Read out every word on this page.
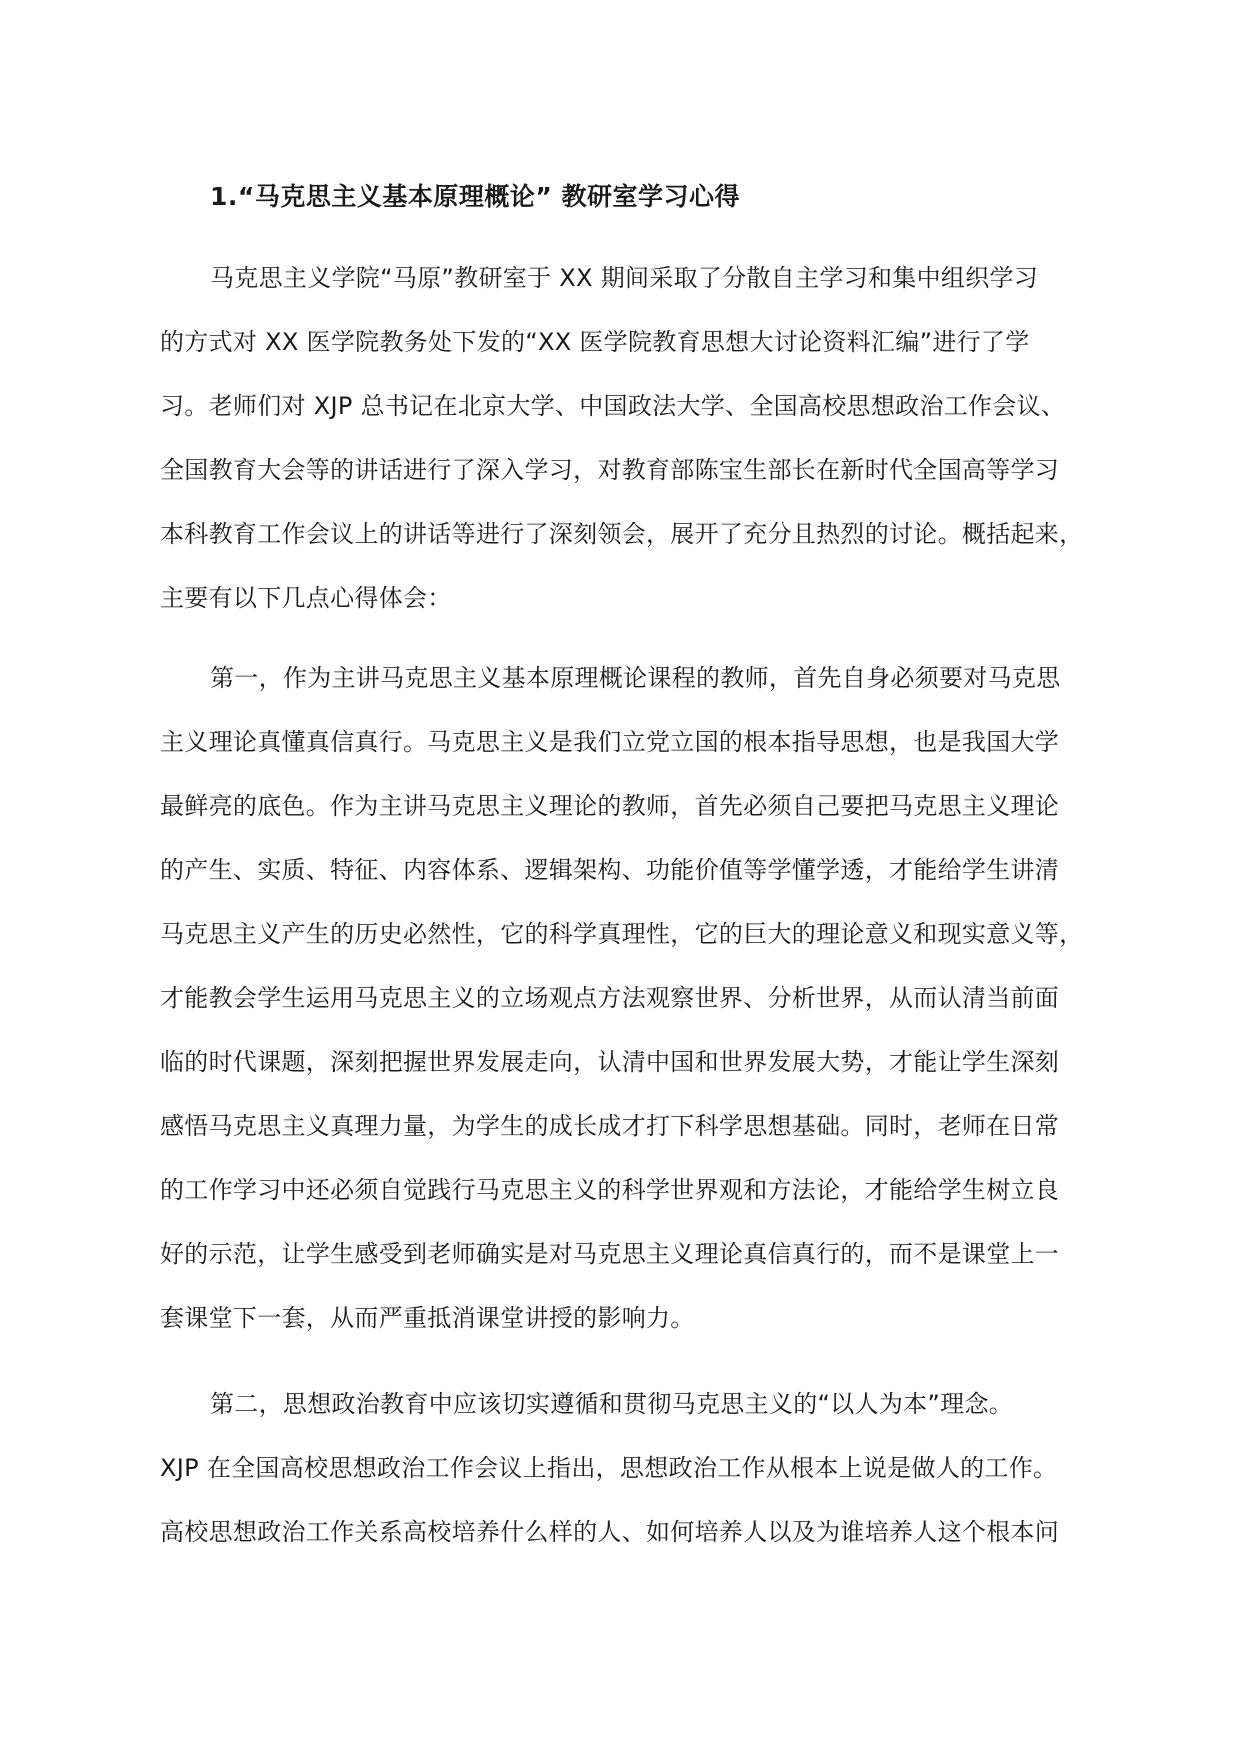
1.“马克思主义基本原理概论” 教研室学习心得
马克思主义学院“马原”教研室于 XX 期间采取了分散自主学习和集中组织学习
的方式对 XX 医学院教务处下发的“XX 医学院教育思想大讨论资料汇编”进行了学
习。老师们对 XJP 总书记在北京大学、中国政法大学、全国高校思想政治工作会议、
全国教育大会等的讲话进行了深入学习，对教育部陈宝生部长在新时代全国高等学习
本科教育工作会议上的讲话等进行了深刻领会，展开了充分且热烈的讨论。概括起来，
主要有以下几点心得体会：
第一，作为主讲马克思主义基本原理概论课程的教师，首先自身必须要对马克思
主义理论真懂真信真行。马克思主义是我们立党立国的根本指导思想，也是我国大学
最鲜亮的底色。作为主讲马克思主义理论的教师，首先必须自己要把马克思主义理论
的产生、实质、特征、内容体系、逻辑架构、功能价值等学懂学透，才能给学生讲清
马克思主义产生的历史必然性，它的科学真理性，它的巨大的理论意义和现实意义等，
才能教会学生运用马克思主义的立场观点方法观察世界、分析世界，从而认清当前面
临的时代课题，深刻把握世界发展走向，认清中国和世界发展大势，才能让学生深刻
感悟马克思主义真理力量，为学生的成长成才打下科学思想基础。同时，老师在日常
的工作学习中还必须自觉践行马克思主义的科学世界观和方法论，才能给学生树立良
好的示范，让学生感受到老师确实是对马克思主义理论真信真行的，而不是课堂上一
套课堂下一套，从而严重抵消课堂讲授的影响力。
第二，思想政治教育中应该切实遵循和贯彻马克思主义的“以人为本”理念。
XJP 在全国高校思想政治工作会议上指出，思想政治工作从根本上说是做人的工作。
高校思想政治工作关系高校培养什么样的人、如何培养人以及为谁培养人这个根本问
